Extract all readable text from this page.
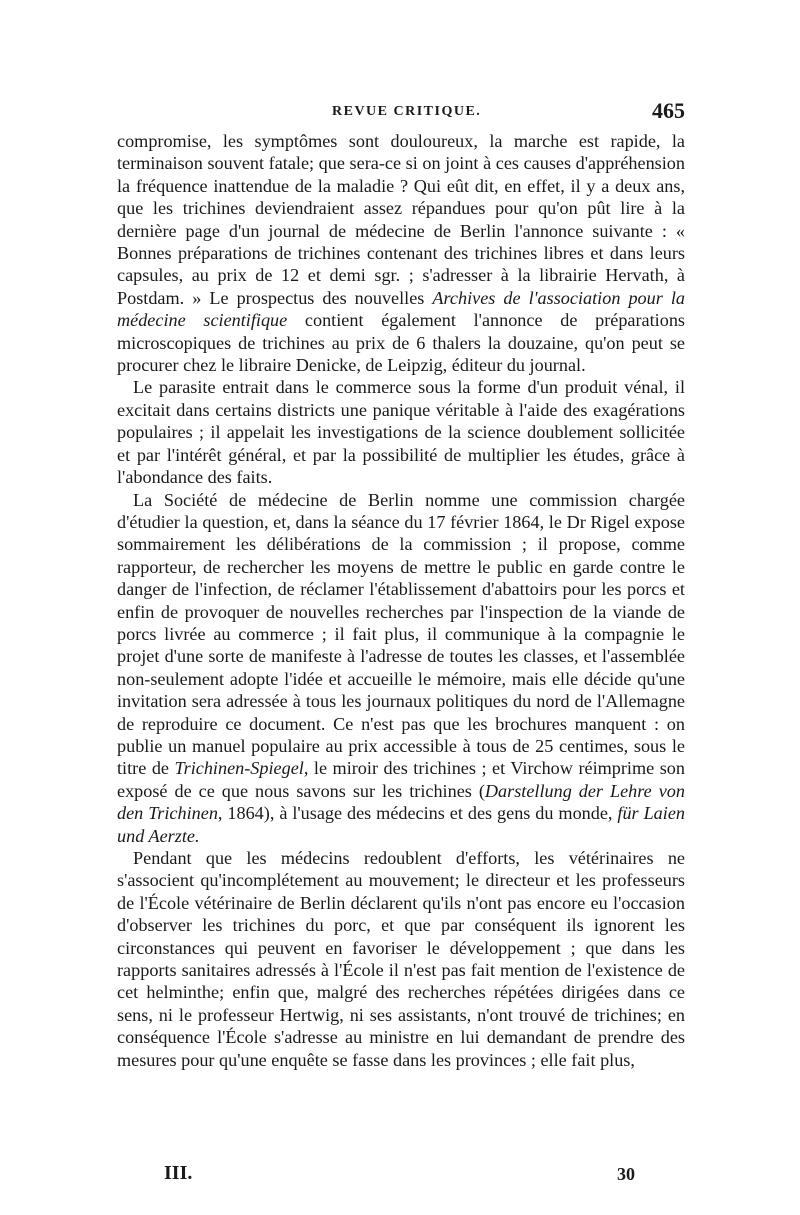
REVUE CRITIQUE.	465

compromise, les symptômes sont douloureux, la marche est rapide, la terminaison souvent fatale; que sera-ce si on joint à ces causes d'appréhension la fréquence inattendue de la maladie ? Qui eût dit, en effet, il y a deux ans, que les trichines deviendraient assez répandues pour qu'on pût lire à la dernière page d'un journal de médecine de Berlin l'annonce suivante : « Bonnes préparations de trichines contenant des trichines libres et dans leurs capsules, au prix de 12 et demi sgr. ; s'adresser à la librairie Hervath, à Postdam. » Le prospectus des nouvelles Archives de l'association pour la médecine scientifique contient également l'annonce de préparations microscopiques de trichines au prix de 6 thalers la douzaine, qu'on peut se procurer chez le libraire Denicke, de Leipzig, éditeur du journal.

Le parasite entrait dans le commerce sous la forme d'un produit vénal, il excitait dans certains districts une panique véritable à l'aide des exagérations populaires ; il appelait les investigations de la science doublement sollicitée et par l'intérêt général, et par la possibilité de multiplier les études, grâce à l'abondance des faits.

La Société de médecine de Berlin nomme une commission chargée d'étudier la question, et, dans la séance du 17 février 1864, le Dr Rigel expose sommairement les délibérations de la commission ; il propose, comme rapporteur, de rechercher les moyens de mettre le public en garde contre le danger de l'infection, de réclamer l'établissement d'abattoirs pour les porcs et enfin de provoquer de nouvelles recherches par l'inspection de la viande de porcs livrée au commerce ; il fait plus, il communique à la compagnie le projet d'une sorte de manifeste à l'adresse de toutes les classes, et l'assemblée non-seulement adopte l'idée et accueille le mémoire, mais elle décide qu'une invitation sera adressée à tous les journaux politiques du nord de l'Allemagne de reproduire ce document. Ce n'est pas que les brochures manquent : on publie un manuel populaire au prix accessible à tous de 25 centimes, sous le titre de Trichinen-Spiegel, le miroir des trichines ; et Virchow réimprime son exposé de ce que nous savons sur les trichines (Darstellung der Lehre von den Trichinen, 1864), à l'usage des médecins et des gens du monde, für Laien und Aerzte.

Pendant que les médecins redoublent d'efforts, les vétérinaires ne s'associent qu'incomplétement au mouvement; le directeur et les professeurs de l'École vétérinaire de Berlin déclarent qu'ils n'ont pas encore eu l'occasion d'observer les trichines du porc, et que par conséquent ils ignorent les circonstances qui peuvent en favoriser le développement ; que dans les rapports sanitaires adressés à l'École il n'est pas fait mention de l'existence de cet helminthe; enfin que, malgré des recherches répétées dirigées dans ce sens, ni le professeur Hertwig, ni ses assistants, n'ont trouvé de trichines; en conséquence l'École s'adresse au ministre en lui demandant de prendre des mesures pour qu'une enquête se fasse dans les provinces ; elle fait plus,

III.	30
